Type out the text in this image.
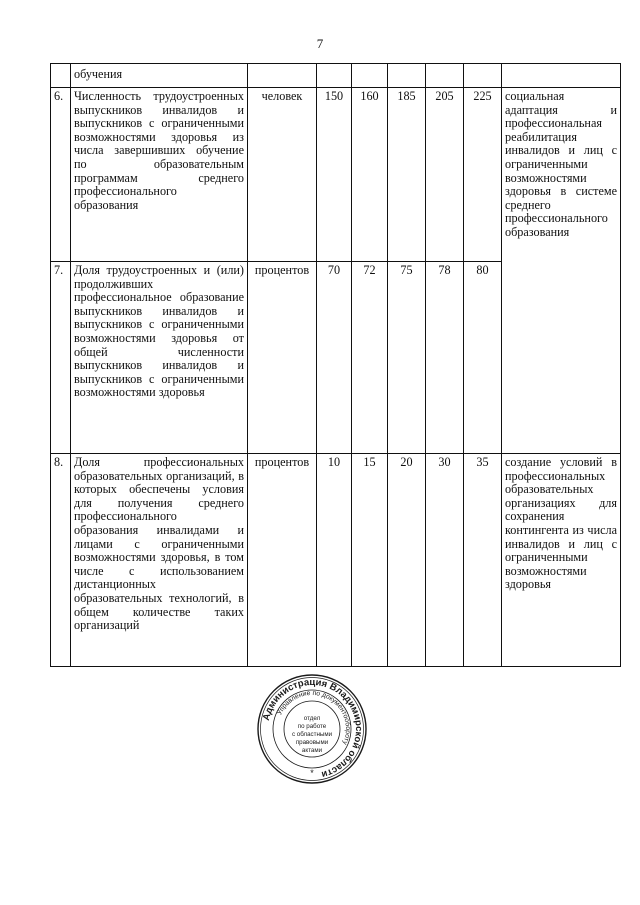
7
	обучения							
6.	Численность трудоустроенных выпускников инвалидов и выпускников с ограниченными возможностями здоровья из числа завершивших обучение по образовательным программам среднего профессионального образования	человек	150	160	185	205	225	социальная адаптация и профессиональная реабилитация инвалидов и лиц с ограниченными возможностями здоровья в системе среднего профессионального образования
7.	Доля трудоустроенных и (или) продолживших профессиональное образование выпускников инвалидов и выпускников с ограниченными возможностями здоровья от общей численности выпускников инвалидов и выпускников с ограниченными возможностями здоровья	процентов	70	72	75	78	80	
8.	Доля профессиональных образовательных организаций, в которых обеспечены условия для получения среднего профессионального образования инвалидами и лицами с ограниченными возможностями здоровья, в том числе с использованием дистанционных образовательных технологий, в общем количестве таких организаций	процентов	10	15	20	30	35	создание условий в профессиональных образовательных организациях для сохранения контингента из числа инвалидов и лиц с ограниченными возможностями здоровья
Администрация Владимирской области
Управление по документообороту
отдел
по работе
с областными
правовыми
актами
*
